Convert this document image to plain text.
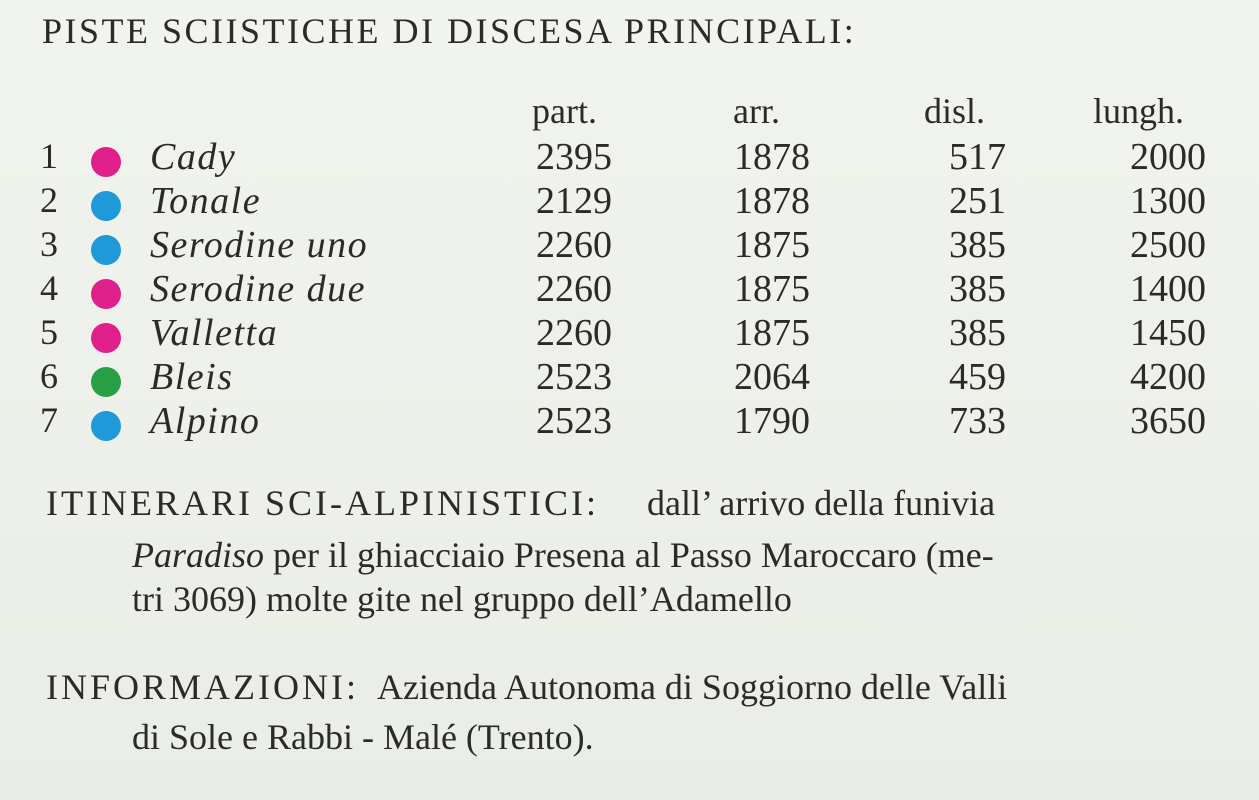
PISTE SCIISTICHE DI DISCESA PRINCIPALI:
part.	arr.	disl.	lungh.
1 Cady	2395	1878	517	2000
2 Tonale	2129	1878	251	1300
3 Serodine uno	2260	1875	385	2500
4 Serodine due	2260	1875	385	1400
5 Valletta	2260	1875	385	1450
6 Bleis	2523	2064	459	4200
7 Alpino	2523	1790	733	3650
ITINERARI SCI-ALPINISTICI: dall’ arrivo della funivia
Paradiso per il ghiacciaio Presena al Passo Maroccaro (me-
tri 3069) molte gite nel gruppo dell’Adamello
INFORMAZIONI: Azienda Autonoma di Soggiorno delle Valli
di Sole e Rabbi - Malé (Trento).
